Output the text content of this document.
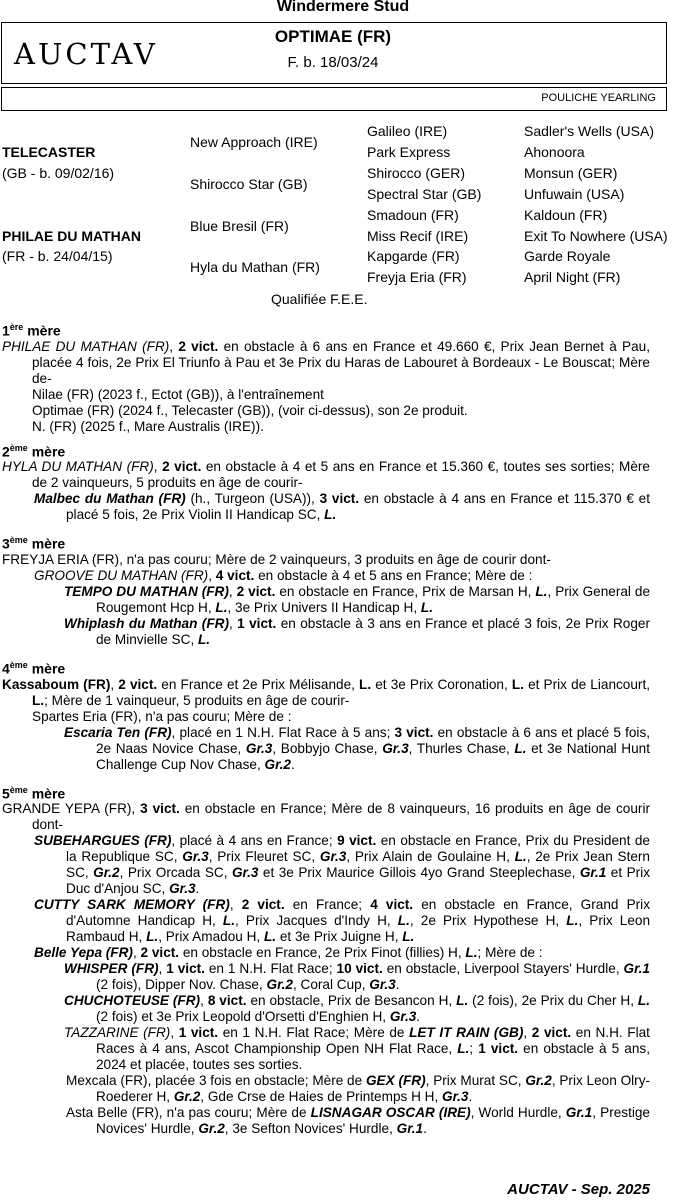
Windermere Stud
AUCTAV
OPTIMAE (FR)
F. b. 18/03/24
POULICHE YEARLING
TELECASTER
(GB - b. 09/02/16)
PHILAE DU MATHAN
(FR - b. 24/04/15)
New Approach (IRE)
Shirocco Star (GB)
Blue Bresil (FR)
Hyla du Mathan (FR)
Galileo (IRE)
Park Express
Shirocco (GER)
Spectral Star (GB)
Smadoun (FR)
Miss Recif (IRE)
Kapgarde (FR)
Freyja Eria (FR)
Sadler's Wells (USA)
Ahonoora
Monsun (GER)
Unfuwain (USA)
Kaldoun (FR)
Exit To Nowhere (USA)
Garde Royale
April Night (FR)
Qualifiée F.E.E.

1ère mère

PHILAE DU MATHAN (FR), 2 vict. en obstacle à 6 ans en France et 49.660 €, Prix Jean Bernet à Pau, placée 4 fois, 2e Prix El Triunfo à Pau et 3e Prix du Haras de Labouret à Bordeaux - Le Bouscat; Mère de-

Nilae (FR) (2023 f., Ectot (GB)), à l'entraînement

Optimae (FR) (2024 f., Telecaster (GB)), (voir ci-dessus), son 2e produit.

N. (FR) (2025 f., Mare Australis (IRE)).

2ème mère

HYLA DU MATHAN (FR), 2 vict. en obstacle à 4 et 5 ans en France et 15.360 €, toutes ses sorties; Mère de 2 vainqueurs, 5 produits en âge de courir-

Malbec du Mathan (FR) (h., Turgeon (USA)), 3 vict. en obstacle à 4 ans en France et 115.370 € et placé 5 fois, 2e Prix Violin II Handicap SC, L.

3ème mère

FREYJA ERIA (FR), n'a pas couru; Mère de 2 vainqueurs, 3 produits en âge de courir dont-

GROOVE DU MATHAN (FR), 4 vict. en obstacle à 4 et 5 ans en France; Mère de :

TEMPO DU MATHAN (FR), 2 vict. en obstacle en France, Prix de Marsan H, L., Prix General de Rougemont Hcp H, L., 3e Prix Univers II Handicap H, L.

Whiplash du Mathan (FR), 1 vict. en obstacle à 3 ans en France et placé 3 fois, 2e Prix Roger de Minvielle SC, L.

4ème mère

Kassaboum (FR), 2 vict. en France et 2e Prix Mélisande, L. et 3e Prix Coronation, L. et Prix de Liancourt, L.; Mère de 1 vainqueur, 5 produits en âge de courir-

Spartes Eria (FR), n'a pas couru; Mère de :

Escaria Ten (FR), placé en 1 N.H. Flat Race à 5 ans; 3 vict. en obstacle à 6 ans et placé 5 fois, 2e Naas Novice Chase, Gr.3, Bobbyjo Chase, Gr.3, Thurles Chase, L. et 3e National Hunt Challenge Cup Nov Chase, Gr.2.

5ème mère

GRANDE YEPA (FR), 3 vict. en obstacle en France; Mère de 8 vainqueurs, 16 produits en âge de courir dont-

SUBEHARGUES (FR), placé à 4 ans en France; 9 vict. en obstacle en France, Prix du President de la Republique SC, Gr.3, Prix Fleuret SC, Gr.3, Prix Alain de Goulaine H, L., 2e Prix Jean Stern SC, Gr.2, Prix Orcada SC, Gr.3 et 3e Prix Maurice Gillois 4yo Grand Steeplechase, Gr.1 et Prix Duc d'Anjou SC, Gr.3.

CUTTY SARK MEMORY (FR), 2 vict. en France; 4 vict. en obstacle en France, Grand Prix d'Automne Handicap H, L., Prix Jacques d'Indy H, L., 2e Prix Hypothese H, L., Prix Leon Rambaud H, L., Prix Amadou H, L. et 3e Prix Juigne H, L.

Belle Yepa (FR), 2 vict. en obstacle en France, 2e Prix Finot (fillies) H, L.; Mère de :

WHISPER (FR), 1 vict. en 1 N.H. Flat Race; 10 vict. en obstacle, Liverpool Stayers' Hurdle, Gr.1 (2 fois), Dipper Nov. Chase, Gr.2, Coral Cup, Gr.3.

CHUCHOTEUSE (FR), 8 vict. en obstacle, Prix de Besancon H, L. (2 fois), 2e Prix du Cher H, L. (2 fois) et 3e Prix Leopold d'Orsetti d'Enghien H, Gr.3.

TAZZARINE (FR), 1 vict. en 1 N.H. Flat Race; Mère de LET IT RAIN (GB), 2 vict. en N.H. Flat Races à 4 ans, Ascot Championship Open NH Flat Race, L.; 1 vict. en obstacle à 5 ans, 2024 et placée, toutes ses sorties.

Mexcala (FR), placée 3 fois en obstacle; Mère de GEX (FR), Prix Murat SC, Gr.2, Prix Leon Olry-Roederer H, Gr.2, Gde Crse de Haies de Printemps H H, Gr.3.

Asta Belle (FR), n'a pas couru; Mère de LISNAGAR OSCAR (IRE), World Hurdle, Gr.1, Prestige Novices' Hurdle, Gr.2, 3e Sefton Novices' Hurdle, Gr.1.

AUCTAV - Sep. 2025
